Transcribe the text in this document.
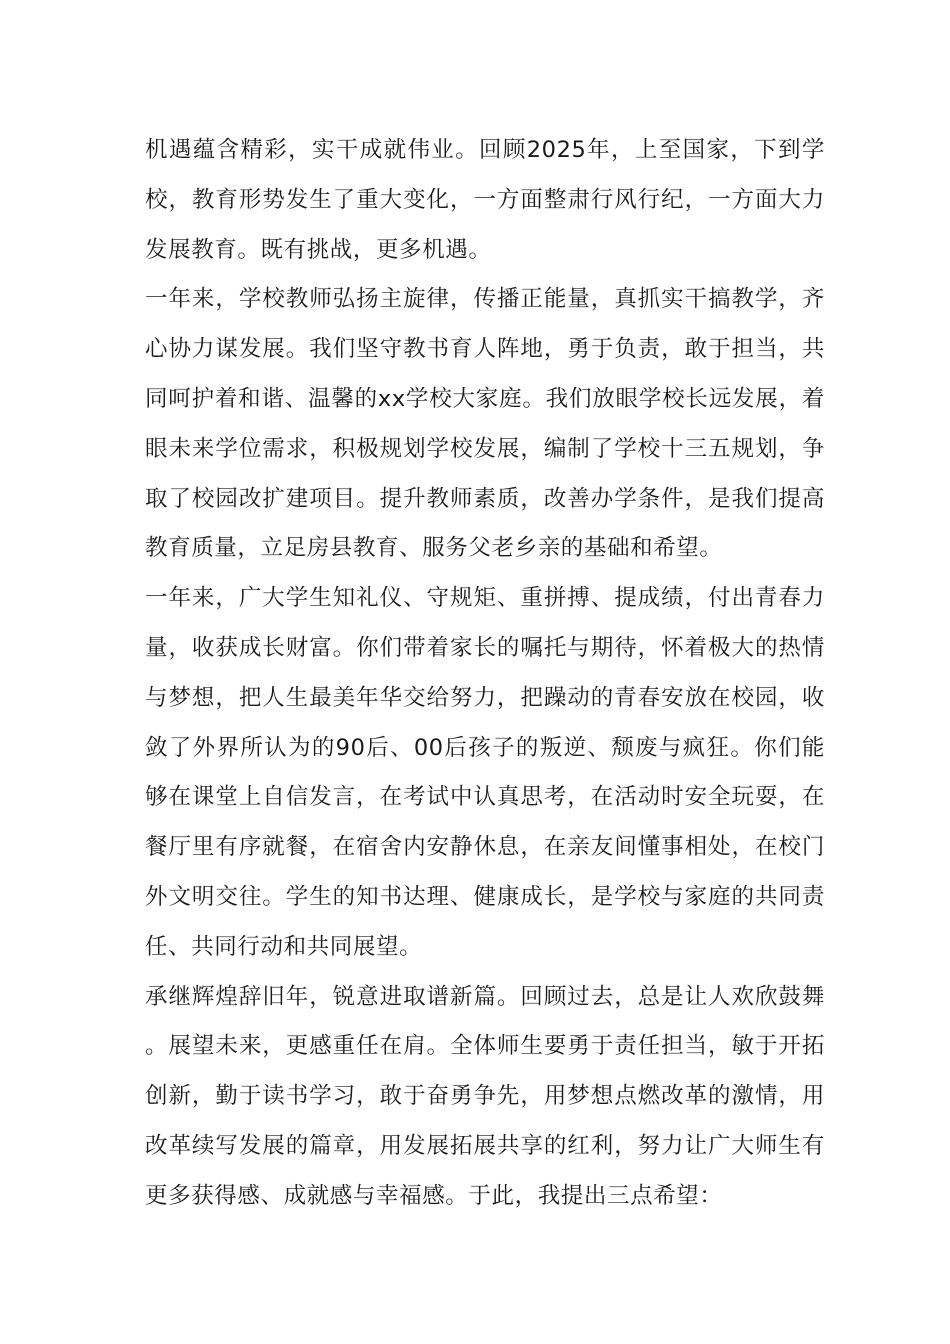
机遇蕴含精彩，实干成就伟业。回顾2025年，上至国家，下到学校，教育形势发生了重大变化，一方面整肃行风行纪，一方面大力发展教育。既有挑战，更多机遇。

一年来，学校教师弘扬主旋律，传播正能量，真抓实干搞教学，齐心协力谋发展。我们坚守教书育人阵地，勇于负责，敢于担当，共同呵护着和谐、温馨的xx学校大家庭。我们放眼学校长远发展，着眼未来学位需求，积极规划学校发展，编制了学校十三五规划，争取了校园改扩建项目。提升教师素质，改善办学条件，是我们提高教育质量，立足房县教育、服务父老乡亲的基础和希望。

一年来，广大学生知礼仪、守规矩、重拼搏、提成绩，付出青春力量，收获成长财富。你们带着家长的嘱托与期待，怀着极大的热情与梦想，把人生最美年华交给努力，把躁动的青春安放在校园，收敛了外界所认为的90后、00后孩子的叛逆、颓废与疯狂。你们能够在课堂上自信发言，在考试中认真思考，在活动时安全玩耍，在餐厅里有序就餐，在宿舍内安静休息，在亲友间懂事相处，在校门外文明交往。学生的知书达理、健康成长，是学校与家庭的共同责任、共同行动和共同展望。

承继辉煌辞旧年，锐意进取谱新篇。回顾过去，总是让人欢欣鼓舞。展望未来，更感重任在肩。全体师生要勇于责任担当，敏于开拓创新，勤于读书学习，敢于奋勇争先，用梦想点燃改革的激情，用改革续写发展的篇章，用发展拓展共享的红利，努力让广大师生有更多获得感、成就感与幸福感。于此，我提出三点希望：
